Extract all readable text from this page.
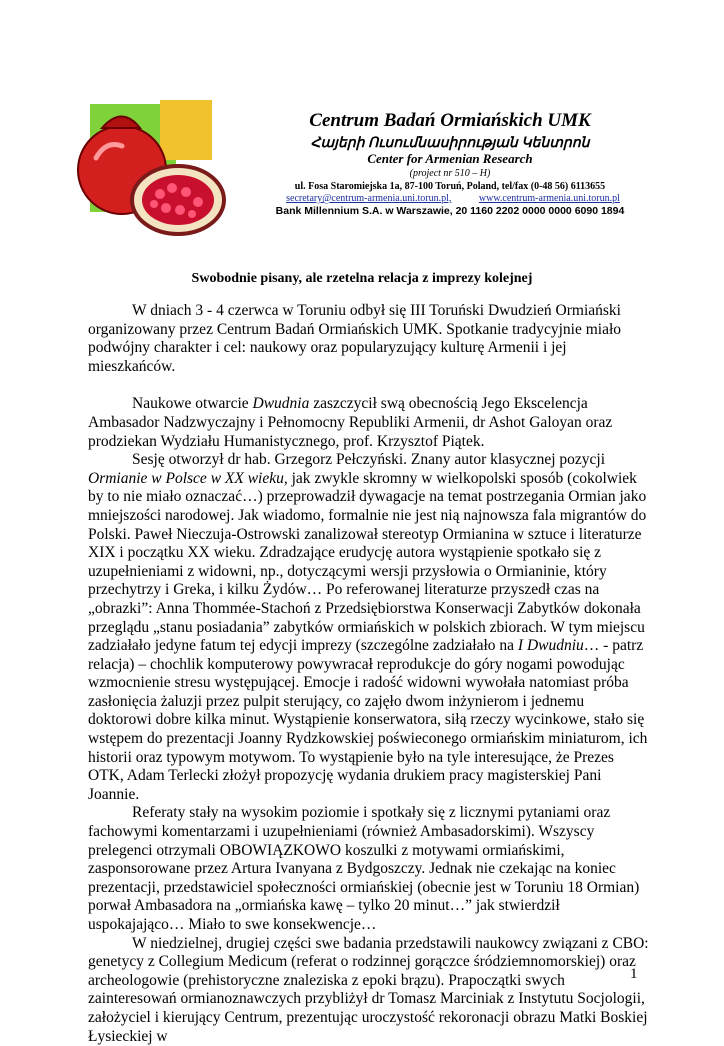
Centrum Badań Ormiańskich UMK
Հայերի Ուսումնասիրության Կենտրոն
Center for Armenian Research
(project nr 510 – H)
ul. Fosa Staromiejska 1a, 87-100 Toruń, Poland, tel/fax (0-48 56) 6113655
secretary@centrum-armenia.uni.torun.pl,	www.centrum-armenia.uni.torun.pl
Bank Millennium S.A. w Warszawie, 20 1160 2202 0000 0000 6090 1894
Swobodnie pisany, ale rzetelna relacja z imprezy kolejnej

W dniach 3 - 4 czerwca w Toruniu odbył się III Toruński Dwudzień Ormiański organizowany przez Centrum Badań Ormiańskich UMK. Spotkanie tradycyjnie miało podwójny charakter i cel: naukowy oraz popularyzujący kulturę Armenii i jej mieszkańców.

Naukowe otwarcie Dwudnia zaszczycił swą obecnością Jego Ekscelencja Ambasador Nadzwyczajny i Pełnomocny Republiki Armenii, dr Ashot Galoyan oraz prodziekan Wydziału Humanistycznego, prof. Krzysztof Piątek.

Sesję otworzył dr hab. Grzegorz Pełczyński. Znany autor klasycznej pozycji Ormianie w Polsce w XX wieku, jak zwykle skromny w wielkopolski sposób (cokolwiek by to nie miało oznaczać…) przeprowadził dywagacje na temat postrzegania Ormian jako mniejszości narodowej. Jak wiadomo, formalnie nie jest nią najnowsza fala migrantów do Polski. Paweł Nieczuja-Ostrowski zanalizował stereotyp Ormianina w sztuce i literaturze XIX i początku XX wieku. Zdradzające erudycję autora wystąpienie spotkało się z uzupełnieniami z widowni, np., dotyczącymi wersji przysłowia o Ormianinie, który przechytrzy i Greka, i kilku Żydów… Po referowanej literaturze przyszedł czas na „obrazki”: Anna Thommée-Stachoń z Przedsiębiorstwa Konserwacji Zabytków dokonała przeglądu „stanu posiadania” zabytków ormiańskich w polskich zbiorach. W tym miejscu zadziałało jedyne fatum tej edycji imprezy (szczególne zadziałało na I Dwudniu… - patrz relacja) – chochlik komputerowy powywracał reprodukcje do góry nogami powodując wzmocnienie stresu występującej. Emocje i radość widowni wywołała natomiast próba zasłonięcia żaluzji przez pulpit sterujący, co zajęło dwom inżynierom i jednemu doktorowi dobre kilka minut. Wystąpienie konserwatora, siłą rzeczy wycinkowe, stało się wstępem do prezentacji Joanny Rydzkowskiej poświeconego ormiańskim miniaturom, ich historii oraz typowym motywom. To wystąpienie było na tyle interesujące, że Prezes OTK, Adam Terlecki złożył propozycję wydania drukiem pracy magisterskiej Pani Joannie.

Referaty stały na wysokim poziomie i spotkały się z licznymi pytaniami oraz fachowymi komentarzami i uzupełnieniami (również Ambasadorskimi). Wszyscy prelegenci otrzymali OBOWIĄZKOWO koszulki z motywami ormiańskimi, zasponsorowane przez Artura Ivanyana z Bydgoszczy. Jednak nie czekając na koniec prezentacji, przedstawiciel społeczności ormiańskiej (obecnie jest w Toruniu 18 Ormian) porwał Ambasadora na „ormiańska kawę – tylko 20 minut…” jak stwierdził uspokajająco… Miało to swe konsekwencje…

W niedzielnej, drugiej części swe badania przedstawili naukowcy związani z CBO: genetycy z Collegium Medicum (referat o rodzinnej gorączce śródziemnomorskiej) oraz archeologowie (prehistoryczne znaleziska z epoki brązu). Prapoczątki swych zainteresowań ormianoznawczych przybliżył dr Tomasz Marciniak z Instytutu Socjologii, założyciel i kierujący Centrum, prezentując uroczystość rekoronacji obrazu Matki Boskiej Łysieckiej w

1
